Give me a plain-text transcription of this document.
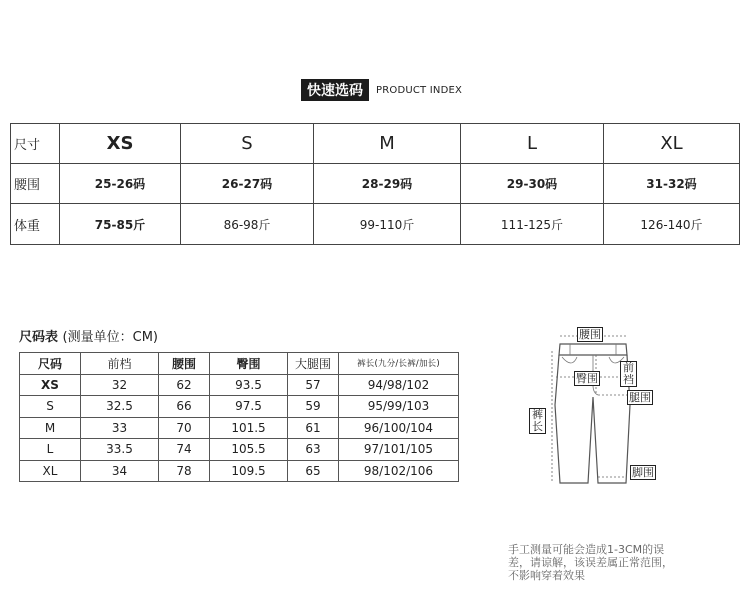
快速选码	PRODUCT INDEX
尺寸	XS	S	M	L	XL
腰围	25-26码	26-27码	28-29码	29-30码	31-32码
体重	75-85斤	86-98斤	99-110斤	111-125斤	126-140斤
尺码表 (测量单位：CM)
尺码	前档	腰围	臀围	大腿围	裤长(九分/长裤/加长)
XS	32	62	93.5	57	94/98/102
S	32.5	66	97.5	59	95/99/103
M	33	70	101.5	61	96/100/104
L	33.5	74	105.5	63	97/101/105
XL	34	78	109.5	65	98/102/106
腰围
前裆
臀围
腿围
裤长
脚围
手工测量可能会造成1-3CM的误差，请谅解，该误差属正常范围，不影响穿着效果
